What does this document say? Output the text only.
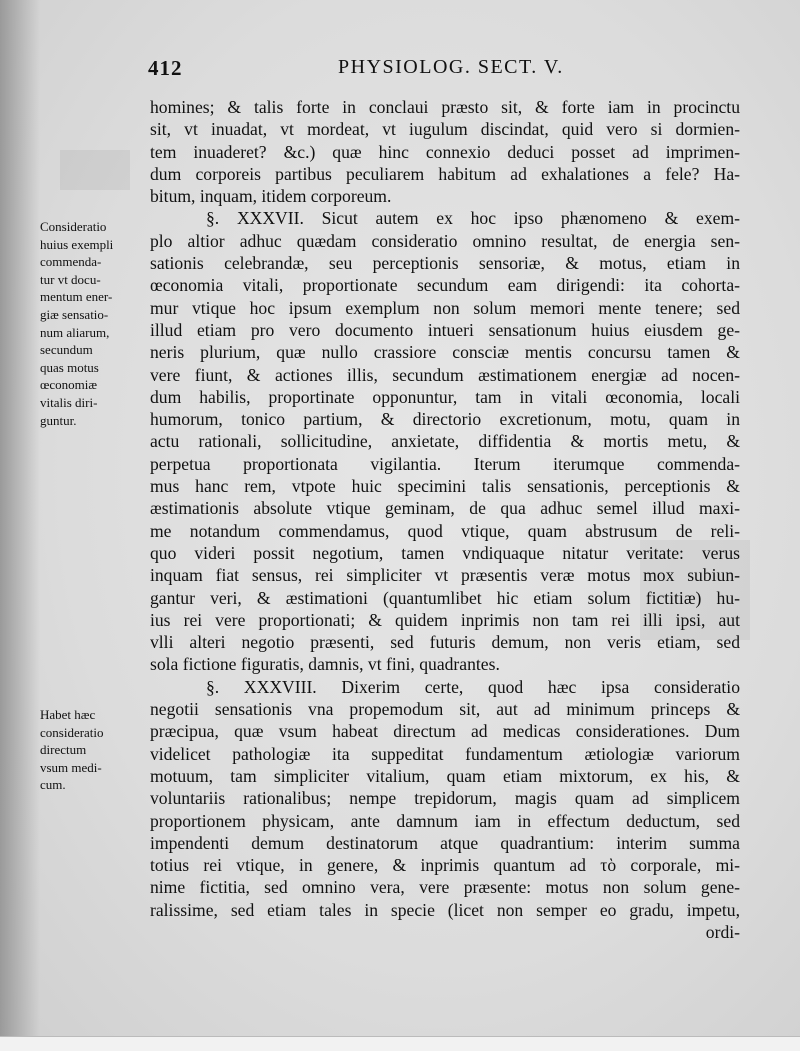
412	PHYSIOLOG. SECT. V.
homines; & talis forte in conclaui præsto sit, & forte iam in procinctu
sit, vt inuadat, vt mordeat, vt iugulum discindat, quid vero si dormien-
tem inuaderet? &c.) quæ hinc connexio deduci posset ad imprimen-
dum corporeis partibus peculiarem habitum ad exhalationes a fele? Ha-
bitum, inquam, itidem corporeum.
§. XXXVII. Sicut autem ex hoc ipso phænomeno & exem-
plo altior adhuc quædam consideratio omnino resultat, de energia sen-
sationis celebrandæ, seu perceptionis sensoriæ, & motus, etiam in
œconomia vitali, proportionate secundum eam dirigendi: ita cohorta-
mur vtique hoc ipsum exemplum non solum memori mente tenere; sed
illud etiam pro vero documento intueri sensationum huius eiusdem ge-
neris plurium, quæ nullo crassiore consciæ mentis concursu tamen &
vere fiunt, & actiones illis, secundum æstimationem energiæ ad nocen-
dum habilis, proportinate opponuntur, tam in vitali œconomia, locali
humorum, tonico partium, & directorio excretionum, motu, quam in
actu rationali, sollicitudine, anxietate, diffidentia & mortis metu, &
perpetua proportionata vigilantia. Iterum iterumque commenda-
mus hanc rem, vtpote huic speciminі talis sensationis, perceptionis &
æstimationis absolute vtique geminam, de qua adhuc semel illud maxi-
me notandum commendamus, quod vtique, quam abstrusum de reli-
quo videri possit negotium, tamen vndiquaque nitatur veritate: verus
inquam fiat sensus, rei simpliciter vt præsentis veræ motus mox subiun-
gantur veri, & æstimationi (quantumlibet hic etiam solum fictitiæ) hu-
ius rei vere proportionati; & quidem inprimis non tam rei illi ipsi, aut
vlli alteri negotio præsenti, sed futuris demum, non veris etiam, sed
sola fictione figuratis, damnis, vt fini, quadrantes.
§. XXXVIII. Dixerim certe, quod hæc ipsa consideratio
negotii sensationis vna propemodum sit, aut ad minimum princeps &
præcipua, quæ vsum habeat directum ad medicas considerationes. Dum
videlicet pathologiæ ita suppeditat fundamentum ætiologiæ variorum
motuum, tam simpliciter vitalium, quam etiam mixtorum, ex his, &
voluntariis rationalibus; nempe trepidorum, magis quam ad simplicem
proportionem physicam, ante damnum iam in effectum deductum, sed
impendenti demum destinatorum atque quadrantium: interim summa
totius rei vtique, in genere, & inprimis quantum ad τὸ corporale, mi-
nime fictitia, sed omnino vera, vere præsente: motus non solum gene-
ralissime, sed etiam tales in specie (licet non semper eo gradu, impetu,
ordi-
Consideratio
huius exempli
commenda-
tur vt docu-
mentum ener-
giæ sensatio-
num aliarum,
secundum
quas motus
œconomiæ
vitalis diri-
guntur.
Habet hæc
consideratio
directum
vsum medi-
cum.
